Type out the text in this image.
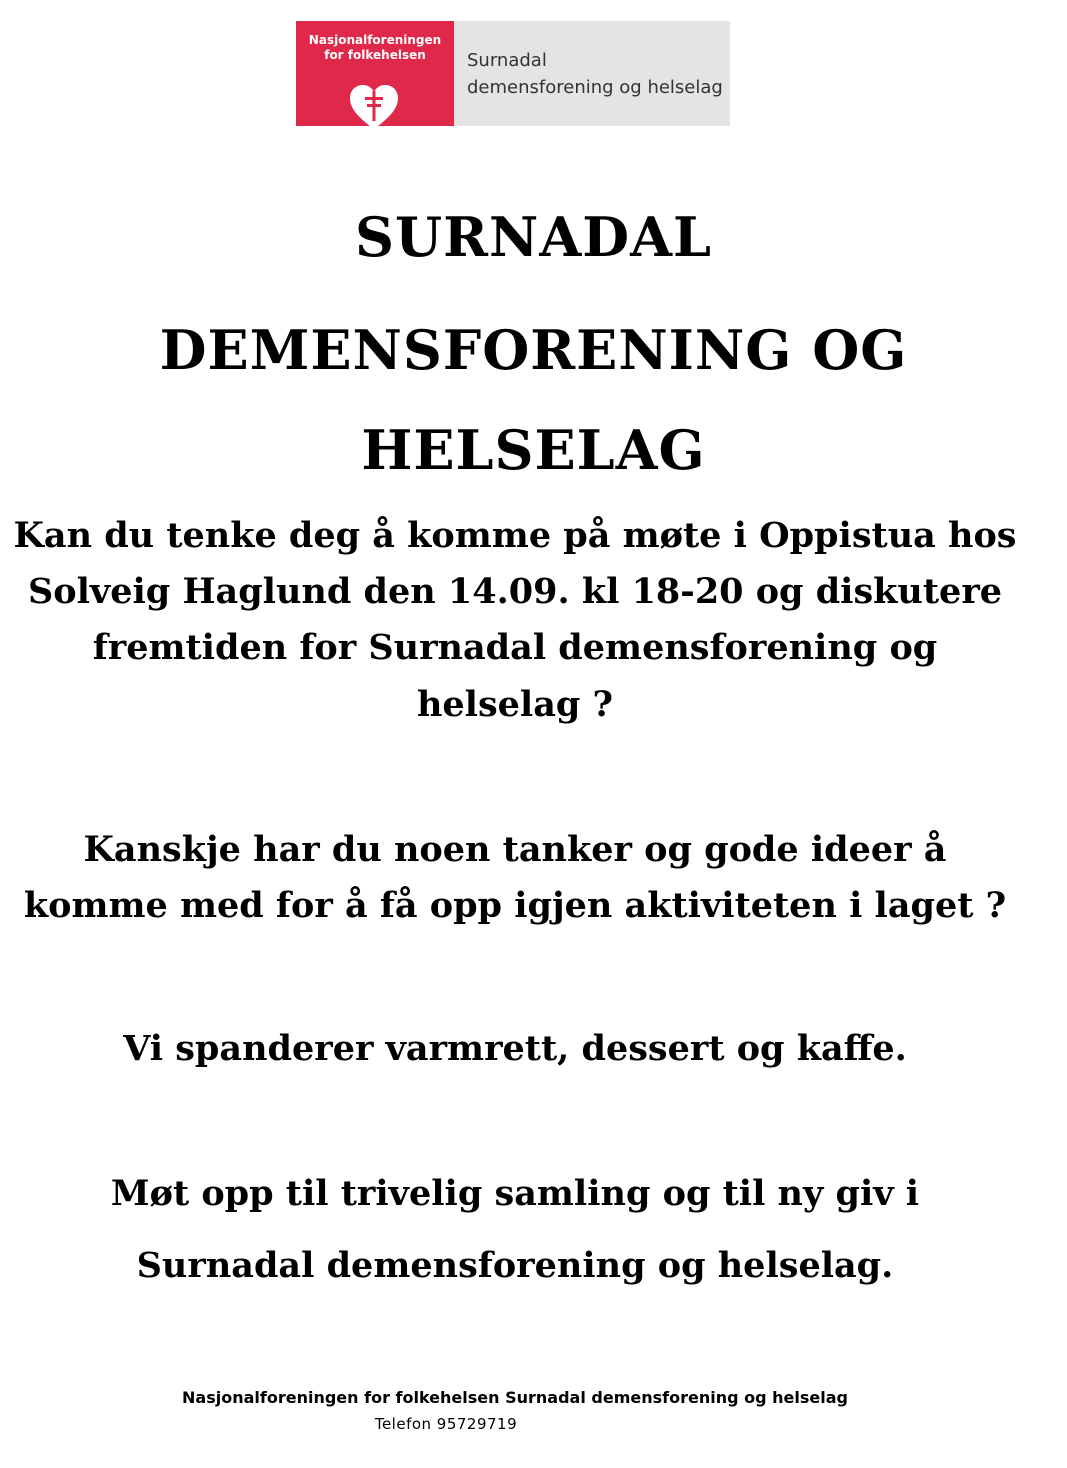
Nasjonalforeningen
for folkehelsen	Surnadal
demensforening og helselag
SURNADAL
DEMENSFORENING OG
HELSELAG
Kan du tenke deg å komme på møte i Oppistua hos
Solveig Haglund den 14.09. kl 18-20 og diskutere
fremtiden for Surnadal demensforening og
helselag ?
Kanskje har du noen tanker og gode ideer å
komme med for å få opp igjen aktiviteten i laget ?
Vi spanderer varmrett, dessert og kaffe.
Møt opp til trivelig samling og til ny giv i
Surnadal demensforening og helselag.
Nasjonalforeningen for folkehelsen Surnadal demensforening og helselag
Telefon 95729719
